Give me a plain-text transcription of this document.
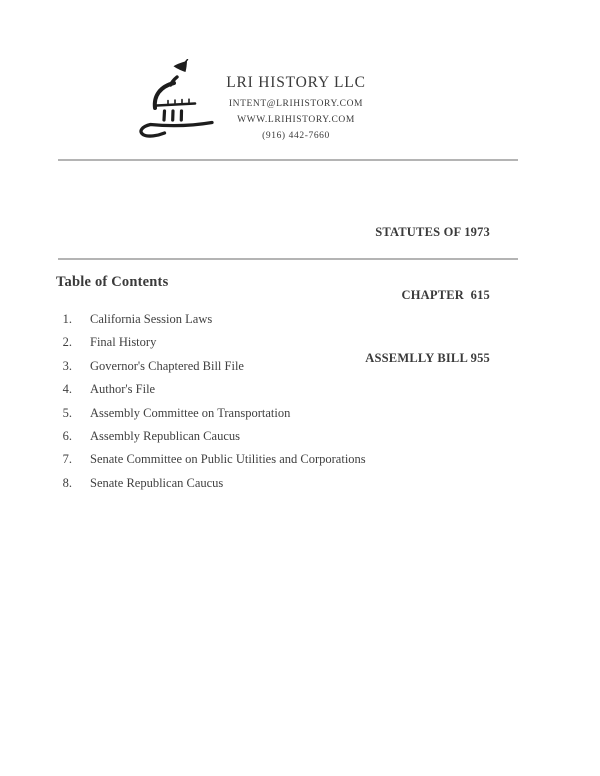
LRI HISTORY LLC
INTENT@LRIHISTORY.COM
WWW.LRIHISTORY.COM
(916) 442-7660

STATUTES OF 1973

CHAPTER  615

ASSEMLLY BILL 955

Table of Contents
1. California Session Laws
2. Final History
3. Governor's Chaptered Bill File
4. Author's File
5. Assembly Committee on Transportation
6. Assembly Republican Caucus
7. Senate Committee on Public Utilities and Corporations
8. Senate Republican Caucus
